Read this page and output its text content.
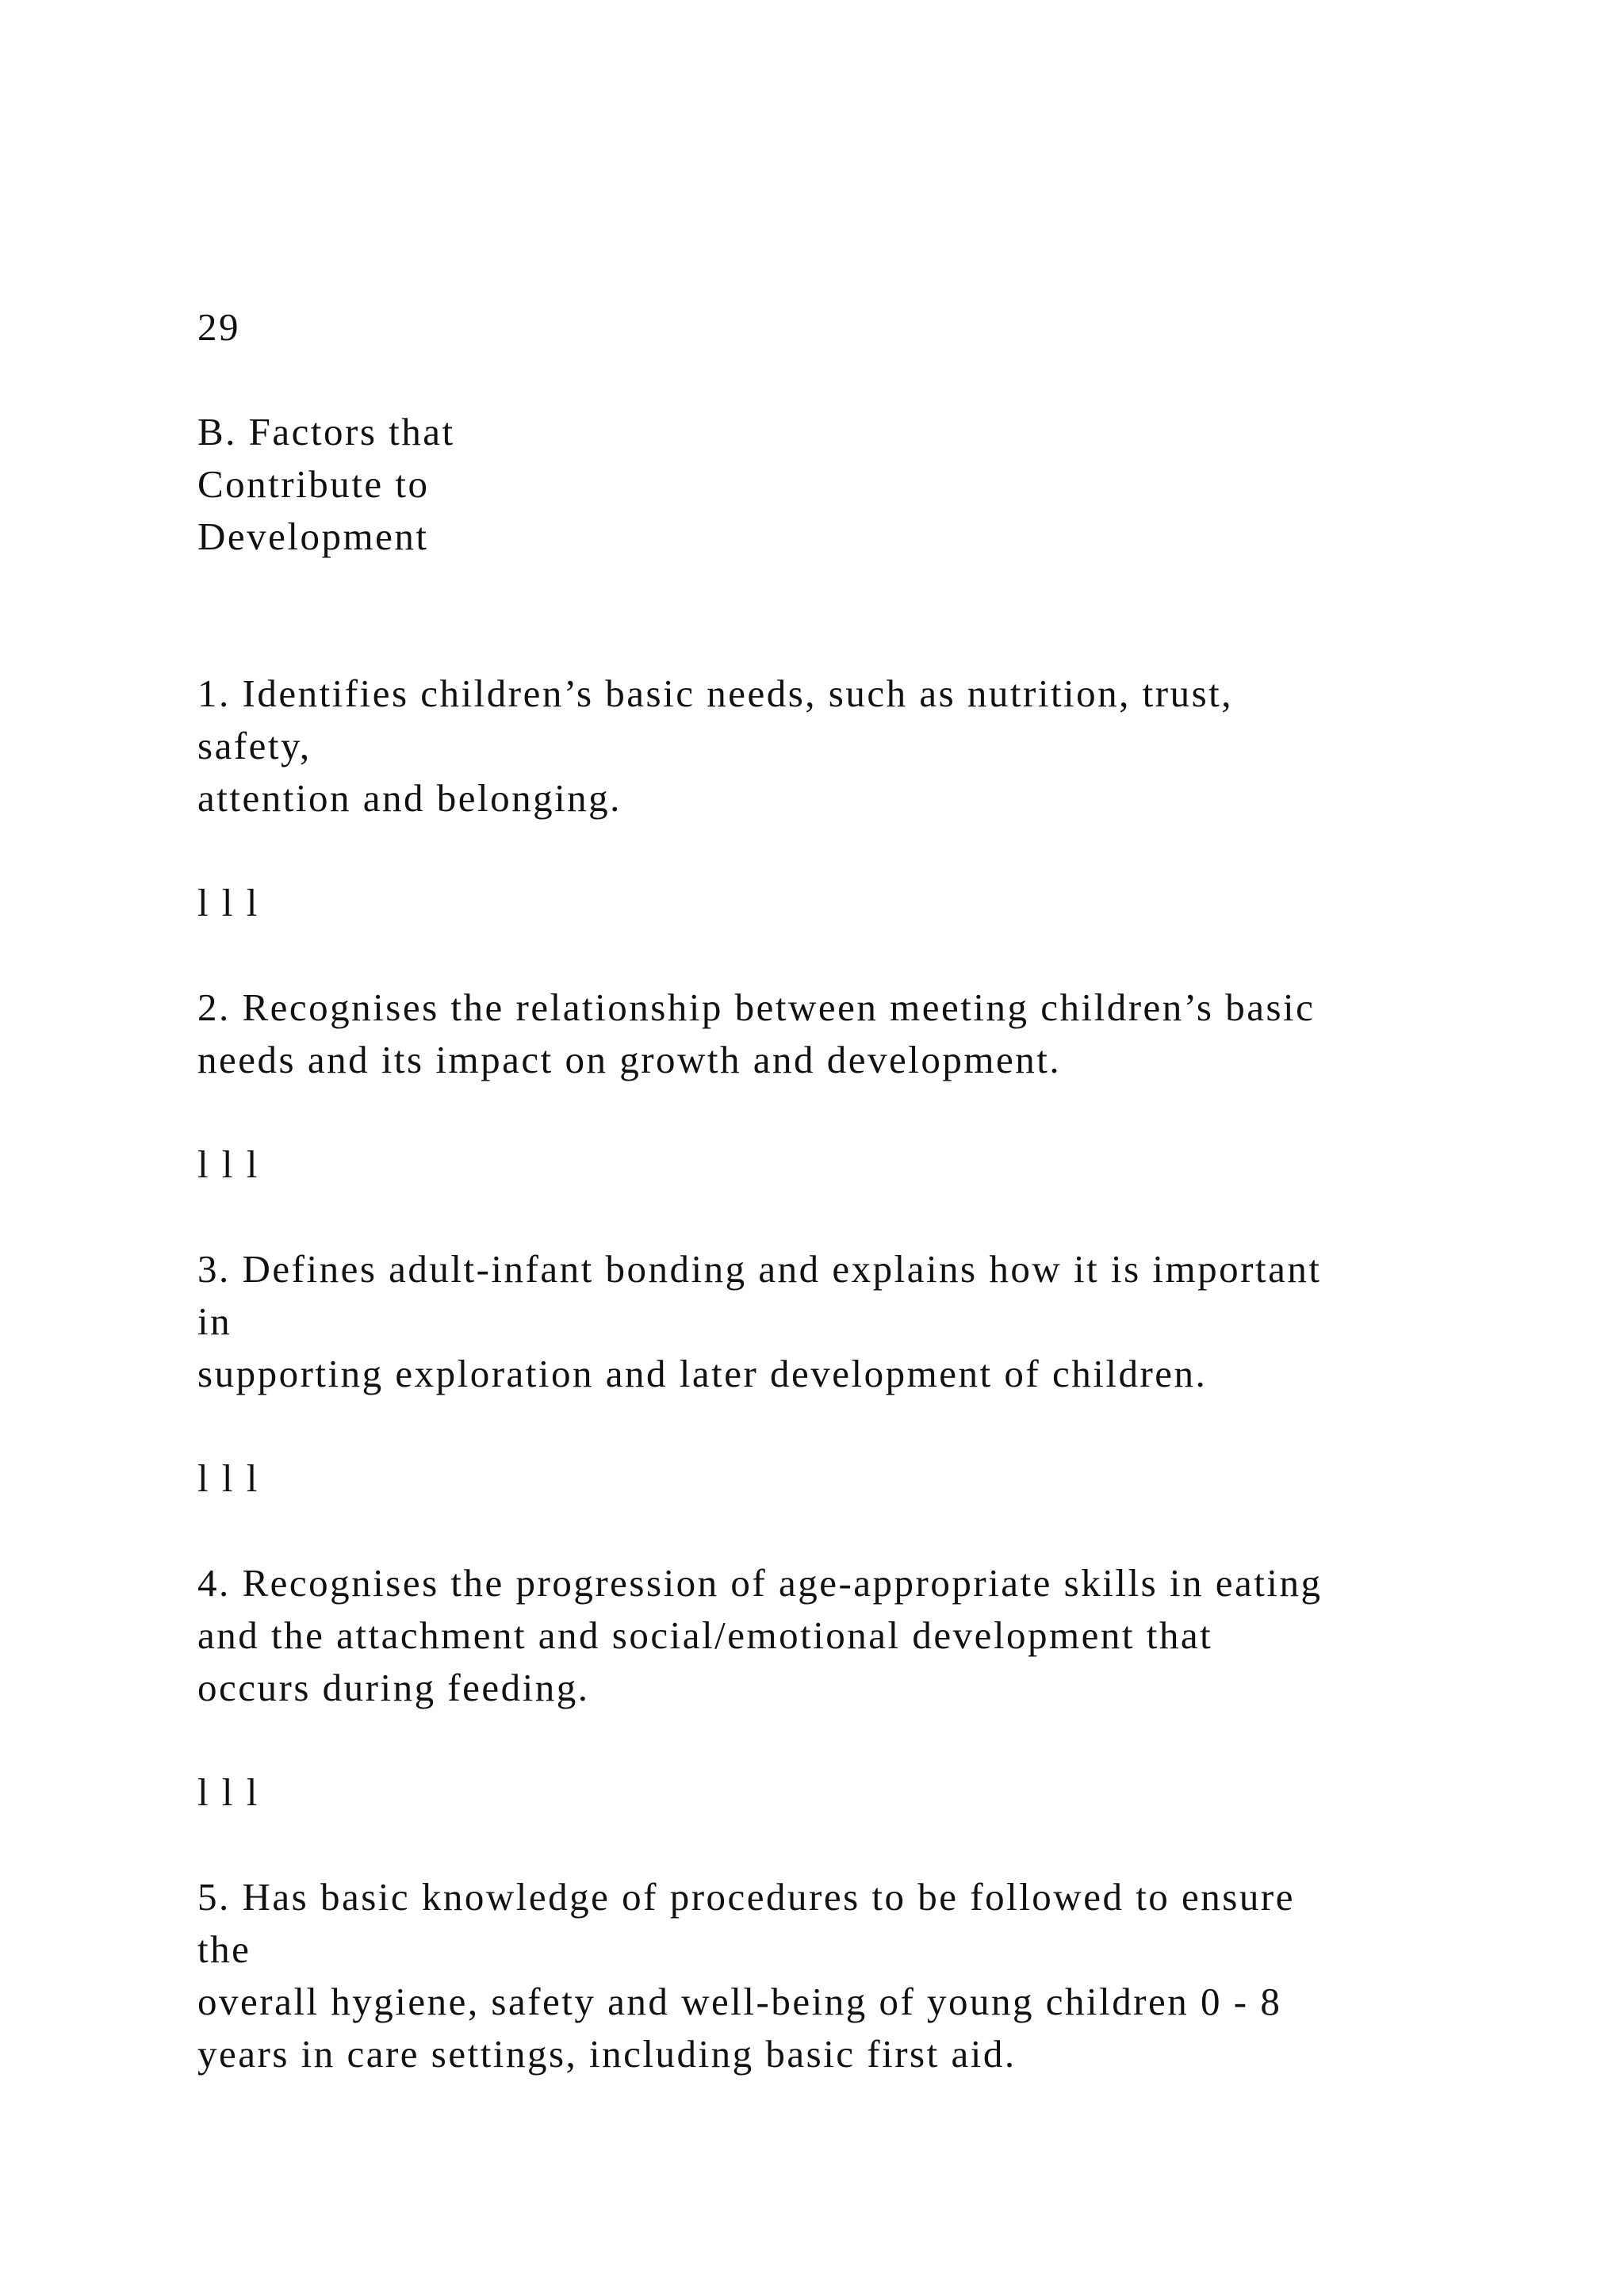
29
B. Factors that
Contribute to
Development
1. Identifies children’s basic needs, such as nutrition, trust,
safety,
attention and belonging.
l l l
2. Recognises the relationship between meeting children’s basic
needs and its impact on growth and development.
l l l
3. Defines adult-infant bonding and explains how it is important
in
supporting exploration and later development of children.
l l l
4. Recognises the progression of age-appropriate skills in eating
and the attachment and social/emotional development that
occurs during feeding.
l l l
5. Has basic knowledge of procedures to be followed to ensure
the
overall hygiene, safety and well-being of young children 0 - 8
years in care settings, including basic first aid.
